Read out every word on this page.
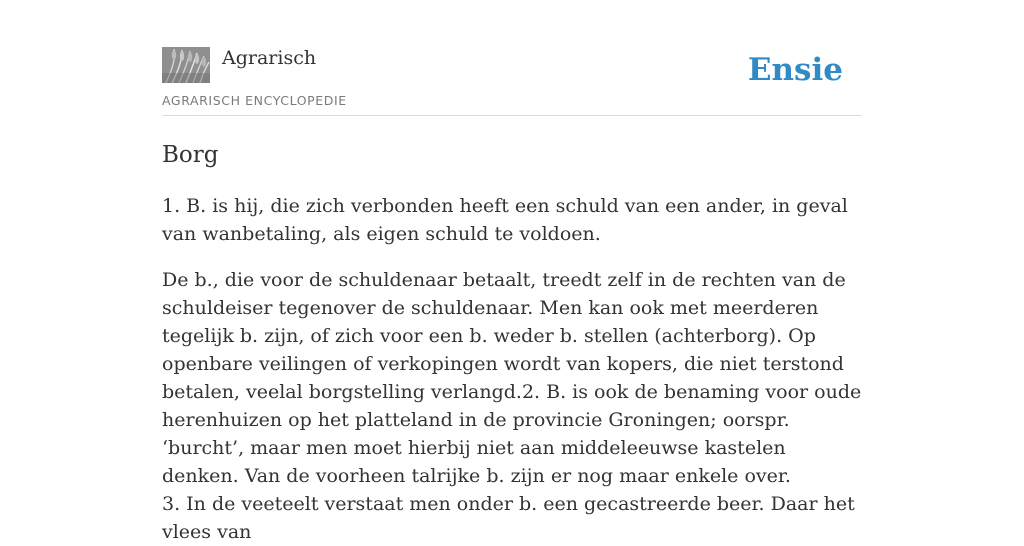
Agrarisch
AGRARISCH ENCYCLOPEDIE
Ensie
Borg

1. B. is hij, die zich verbonden heeft een schuld van een ander, in geval van wanbetaling, als eigen schuld te voldoen.

De b., die voor de schuldenaar betaalt, treedt zelf in de rechten van de schuldeiser tegenover de schuldenaar. Men kan ook met meerderen tegelijk b. zijn, of zich voor een b. weder b. stellen (achterborg). Op openbare veilingen of verkopingen wordt van kopers, die niet terstond betalen, veelal borgstelling verlangd.2. B. is ook de benaming voor oude herenhuizen op het platteland in de provincie Groningen; oorspr. ‘burcht’, maar men moet hierbij niet aan middeleeuwse kastelen denken. Van de voorheen talrijke b. zijn er nog maar enkele over.

3. In de veeteelt verstaat men onder b. een gecastreerde beer. Daar het vlees van
